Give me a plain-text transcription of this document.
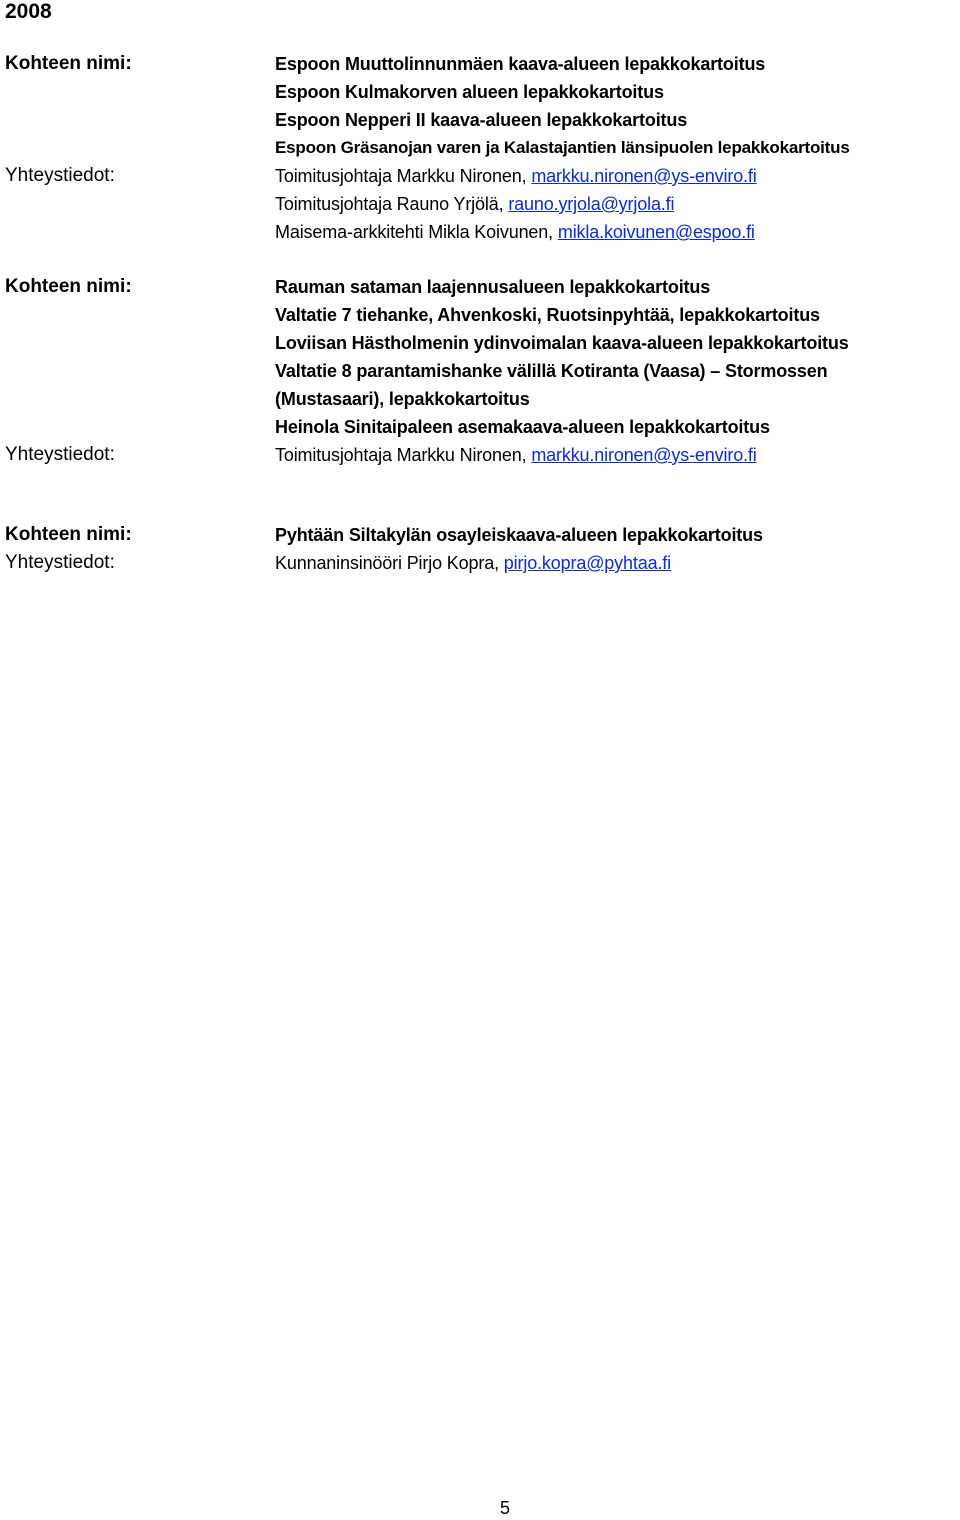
2008
Kohteen nimi:
Yhteystiedot:
Espoon Muuttolinnunmäen kaava-alueen lepakkokartoitus
Espoon Kulmakorven alueen lepakkokartoitus
Espoon Nepperi II kaava-alueen lepakkokartoitus
Espoon Gräsanojan varen ja Kalastajantien länsipuolen lepakkokartoitus
Toimitusjohtaja Markku Nironen, markku.nironen@ys-enviro.fi
Toimitusjohtaja Rauno Yrjölä, rauno.yrjola@yrjola.fi
Maisema-arkkitehti Mikla Koivunen, mikla.koivunen@espoo.fi
Kohteen nimi:
Yhteystiedot:
Rauman sataman laajennusalueen lepakkokartoitus
Valtatie 7 tiehanke, Ahvenkoski, Ruotsinpyhtää, lepakkokartoitus
Loviisan Hästholmenin ydinvoimalan kaava-alueen lepakkokartoitus
Valtatie 8 parantamishanke välillä Kotiranta (Vaasa) – Stormossen (Mustasaari), lepakkokartoitus
Heinola Sinitaipaleen asemakaava-alueen lepakkokartoitus
Toimitusjohtaja Markku Nironen, markku.nironen@ys-enviro.fi
Kohteen nimi:
Yhteystiedot:
Pyhtään Siltakylän osayleiskaava-alueen lepakkokartoitus
Kunnaninsinööri Pirjo Kopra, pirjo.kopra@pyhtaa.fi
5
